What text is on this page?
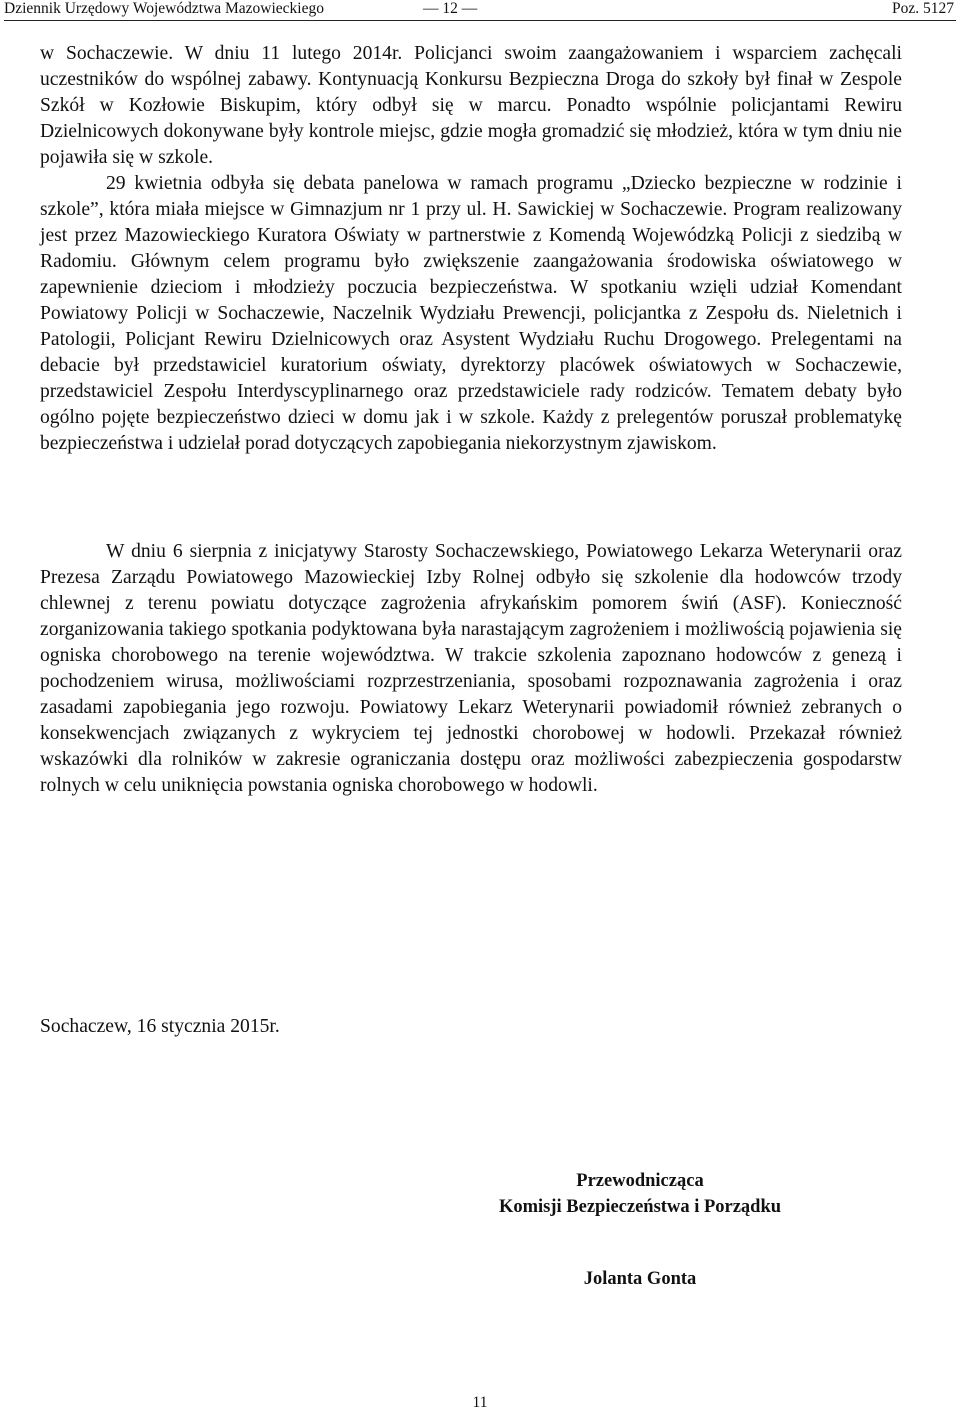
Dziennik Urzędowy Województwa Mazowieckiego	— 12 —	Poz. 5127

w Sochaczewie. W dniu 11 lutego 2014r. Policjanci swoim zaangażowaniem i wsparciem zachęcali uczestników do wspólnej zabawy. Kontynuacją Konkursu Bezpieczna Droga do szkoły był finał w Zespole Szkół w Kozłowie Biskupim, który odbył się w marcu. Ponadto wspólnie policjantami Rewiru Dzielnicowych dokonywane były kontrole miejsc, gdzie mogła gromadzić się młodzież, która w tym dniu nie pojawiła się w szkole.
29 kwietnia odbyła się debata panelowa w ramach programu „Dziecko bezpieczne w rodzinie i szkole”, która miała miejsce w Gimnazjum nr 1 przy ul. H. Sawickiej w Sochaczewie. Program realizowany jest przez Mazowieckiego Kuratora Oświaty w partnerstwie z Komendą Wojewódzką Policji z siedzibą w Radomiu. Głównym celem programu było zwiększenie zaangażowania środowiska oświatowego w zapewnienie dzieciom i młodzieży poczucia bezpieczeństwa. W spotkaniu wzięli udział Komendant Powiatowy Policji w Sochaczewie, Naczelnik Wydziału Prewencji, policjantka z Zespołu ds. Nieletnich i Patologii, Policjant Rewiru Dzielnicowych oraz Asystent Wydziału Ruchu Drogowego. Prelegentami na debacie był przedstawiciel kuratorium oświaty, dyrektorzy placówek oświatowych w Sochaczewie, przedstawiciel Zespołu Interdyscyplinarnego oraz przedstawiciele rady rodziców. Tematem debaty było ogólno pojęte bezpieczeństwo dzieci w domu jak i w szkole. Każdy z prelegentów poruszał problematykę bezpieczeństwa i udzielał porad dotyczących zapobiegania niekorzystnym zjawiskom.

W dniu 6 sierpnia z inicjatywy Starosty Sochaczewskiego, Powiatowego Lekarza Weterynarii oraz Prezesa Zarządu Powiatowego Mazowieckiej Izby Rolnej odbyło się szkolenie dla hodowców trzody chlewnej z terenu powiatu dotyczące zagrożenia afrykańskim pomorem świń (ASF). Konieczność zorganizowania takiego spotkania podyktowana była narastającym zagrożeniem i możliwością pojawienia się ogniska chorobowego na terenie województwa. W trakcie szkolenia zapoznano hodowców z genezą i pochodzeniem wirusa, możliwościami rozprzestrzeniania, sposobami rozpoznawania zagrożenia i oraz zasadami zapobiegania jego rozwoju. Powiatowy Lekarz Weterynarii powiadomił również zebranych o konsekwencjach związanych z wykryciem tej jednostki chorobowej w hodowli. Przekazał również wskazówki dla rolników w zakresie ograniczania dostępu oraz możliwości zabezpieczenia gospodarstw rolnych w celu uniknięcia powstania ogniska chorobowego w hodowli.

Sochaczew, 16 stycznia 2015r.
Przewodnicząca
Komisji Bezpieczeństwa i Porządku
Jolanta Gonta
11
